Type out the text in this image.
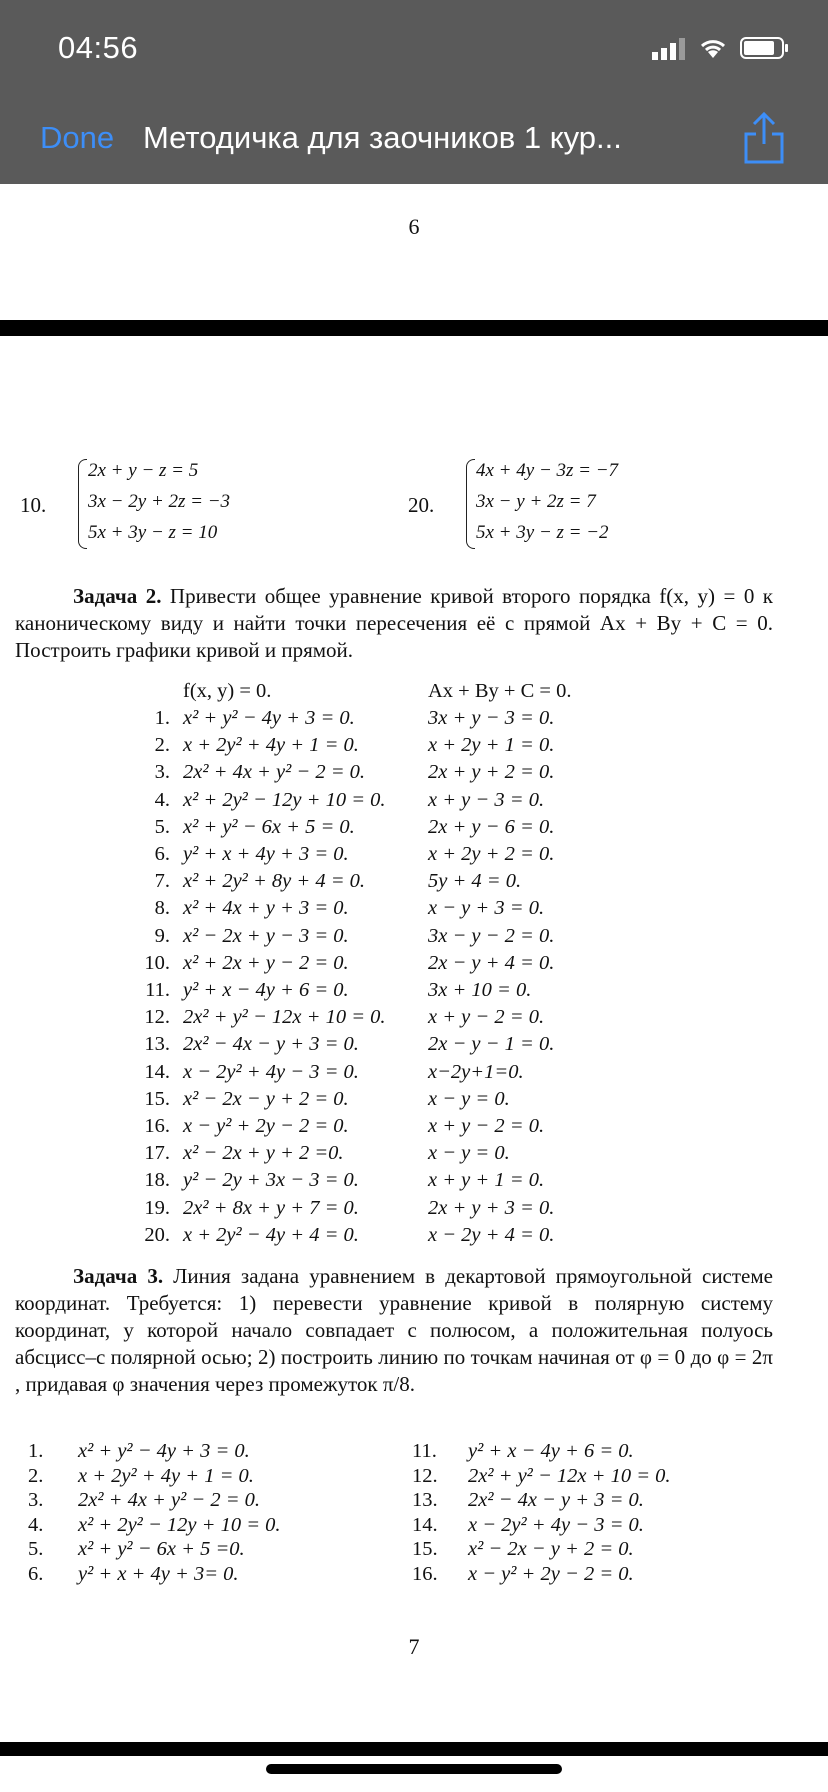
04:56
Done Методичка для заочников 1 кур...
6
10.
2x + y − z = 5
3x − 2y + 2z = −3
5x + 3y − z = 10
20.
4x + 4y − 3z = −7
3x − y + 2z = 7
5x + 3y − z = −2
Задача 2. Привести общее уравнение кривой второго порядка f(x, y) = 0 к каноническому виду и найти точки пересечения её с прямой Ax + By + C = 0. Построить графики кривой и прямой.
f(x, y) = 0.	Ax + By + C = 0.
1. x² + y² − 4y + 3 = 0.	3x + y − 3 = 0.
2. x + 2y² + 4y + 1 = 0.	x + 2y + 1 = 0.
3. 2x² + 4x + y² − 2 = 0.	2x + y + 2 = 0.
4. x² + 2y² − 12y + 10 = 0. x + y − 3 = 0.
5. x² + y² − 6x + 5 = 0.	2x + y − 6 = 0.
6. y² + x + 4y + 3 = 0.	x + 2y + 2 = 0.
7. x² + 2y² + 8y + 4 = 0.	5y + 4 = 0.
8. x² + 4x + y + 3 = 0.	x − y + 3 = 0.
9. x² − 2x + y − 3 = 0.	3x − y − 2 = 0.
10. x² + 2x + y − 2 = 0.	2x − y + 4 = 0.
11. y² + x − 4y + 6 = 0.	3x + 10 = 0.
12. 2x² + y² − 12x + 10 = 0. x + y − 2 = 0.
13. 2x² − 4x − y + 3 = 0.	2x − y − 1 = 0.
14. x − 2y² + 4y − 3 = 0.	x−2y+1=0.
15. x² − 2x − y + 2 = 0.	x − y = 0.
16. x − y² + 2y − 2 = 0.	x + y − 2 = 0.
17. x² − 2x + y + 2 =0.	x − y = 0.
18. y² − 2y + 3x − 3 = 0.	x + y + 1 = 0.
19. 2x² + 8x + y + 7 = 0.	2x + y + 3 = 0.
20. x + 2y² − 4y + 4 = 0.	x − 2y + 4 = 0.
Задача 3. Линия задана уравнением в декартовой прямоугольной системе координат. Требуется: 1) перевести уравнение кривой в полярную систему координат, у которой начало совпадает с полюсом, а положительная полуось абсцисс–с полярной осью; 2) построить линию по точкам начиная от φ = 0 до φ = 2π , придавая φ значения через промежуток π/8.
1. x² + y² − 4y + 3 = 0.	11. y² + x − 4y + 6 = 0.
2. x + 2y² + 4y + 1 = 0.	12. 2x² + y² − 12x + 10 = 0.
3. 2x² + 4x + y² − 2 = 0.	13. 2x² − 4x − y + 3 = 0.
4. x² + 2y² − 12y + 10 = 0.	14. x − 2y² + 4y − 3 = 0.
5. x² + y² − 6x + 5 =0.	15. x² − 2x − y + 2 = 0.
6. y² + x + 4y + 3= 0.	16. x − y² + 2y − 2 = 0.
7
